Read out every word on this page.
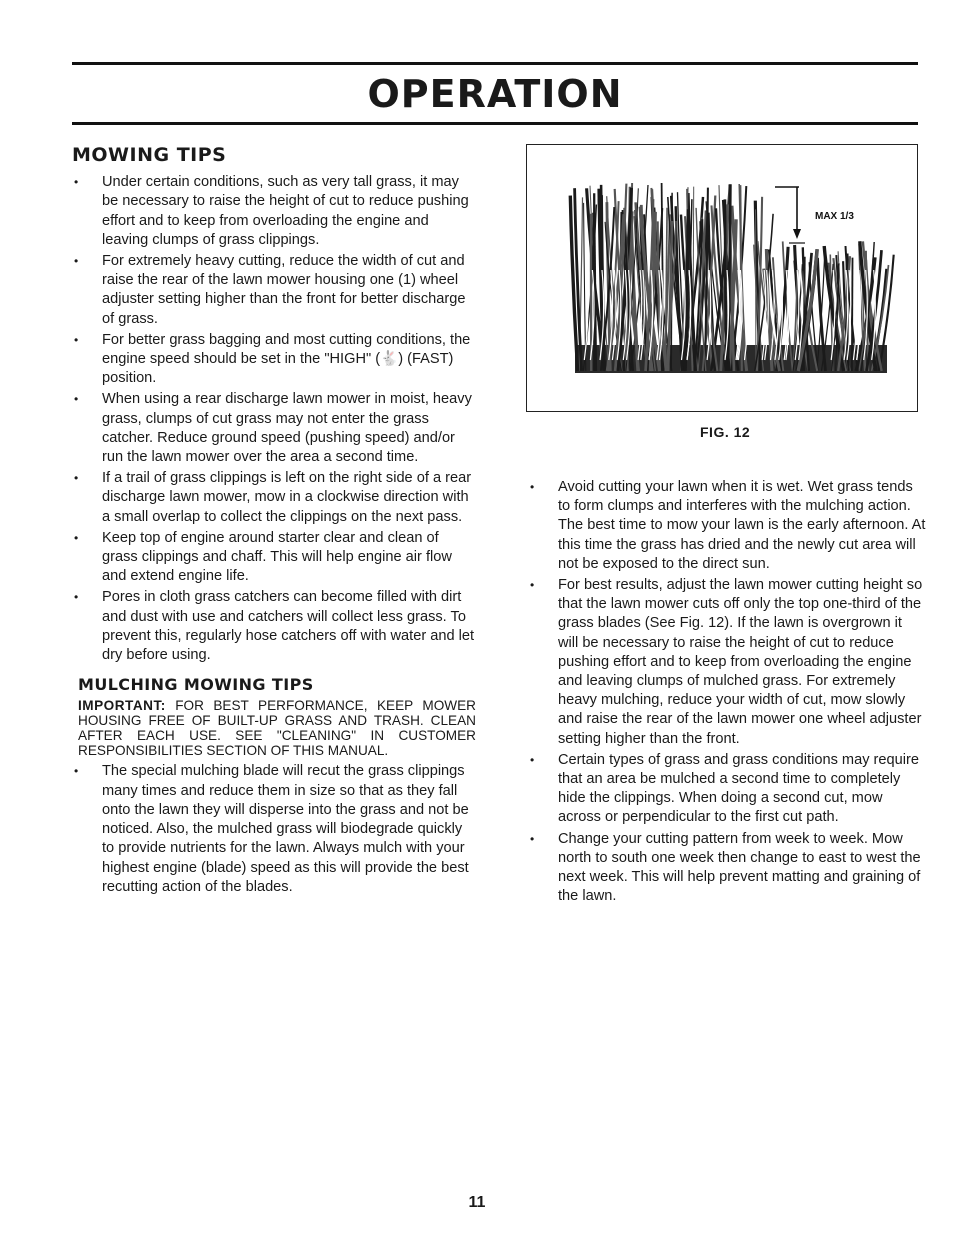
OPERATION
MOWING TIPS
• Under certain conditions, such as very tall grass, it may be necessary to raise the height of cut to reduce pushing effort and to keep from overloading the engine and leaving clumps of grass clippings.
• For extremely heavy cutting, reduce the width of cut and raise the rear of the lawn mower housing one (1) wheel adjuster setting higher than the front for better discharge of grass.
• For better grass bagging and most cutting conditions, the engine speed should be set in the "HIGH" (🐇) (FAST) position.
• When using a rear discharge lawn mower in moist, heavy grass, clumps of cut grass may not enter the grass catcher. Reduce ground speed (pushing speed) and/or run the lawn mower over the area a second time.
• If a trail of grass clippings is left on the right side of a rear discharge lawn mower, mow in a clockwise direction with a small overlap to collect the clippings on the next pass.
• Keep top of engine around starter clear and clean of grass clippings and chaff. This will help engine air flow and extend engine life.
• Pores in cloth grass catchers can become filled with dirt and dust with use and catchers will collect less grass. To prevent this, regularly hose catchers off with water and let dry before using.
MULCHING MOWING TIPS

IMPORTANT: FOR BEST PERFORMANCE, KEEP MOWER HOUSING FREE OF BUILT-UP GRASS AND TRASH. CLEAN AFTER EACH USE. SEE "CLEANING" IN CUSTOMER RESPONSIBILITIES SECTION OF THIS MANUAL.

• The special mulching blade will recut the grass clippings many times and reduce them in size so that as they fall onto the lawn they will disperse into the grass and not be noticed. Also, the mulched grass will biodegrade quickly to provide nutrients for the lawn. Always mulch with your highest engine (blade) speed as this will provide the best recutting action of the blades.
MAX 1/3
FIG. 12
• Avoid cutting your lawn when it is wet. Wet grass tends to form clumps and interferes with the mulching action. The best time to mow your lawn is the early afternoon. At this time the grass has dried and the newly cut area will not be exposed to the direct sun.
• For best results, adjust the lawn mower cutting height so that the lawn mower cuts off only the top one-third of the grass blades (See Fig. 12). If the lawn is overgrown it will be necessary to raise the height of cut to reduce pushing effort and to keep from overloading the engine and leaving clumps of mulched grass. For extremely heavy mulching, reduce your width of cut, mow slowly and raise the rear of the lawn mower one wheel adjuster setting higher than the front.
• Certain types of grass and grass conditions may require that an area be mulched a second time to completely hide the clippings. When doing a second cut, mow across or perpendicular to the first cut path.
• Change your cutting pattern from week to week. Mow north to south one week then change to east to west the next week. This will help prevent matting and graining of the lawn.
11
